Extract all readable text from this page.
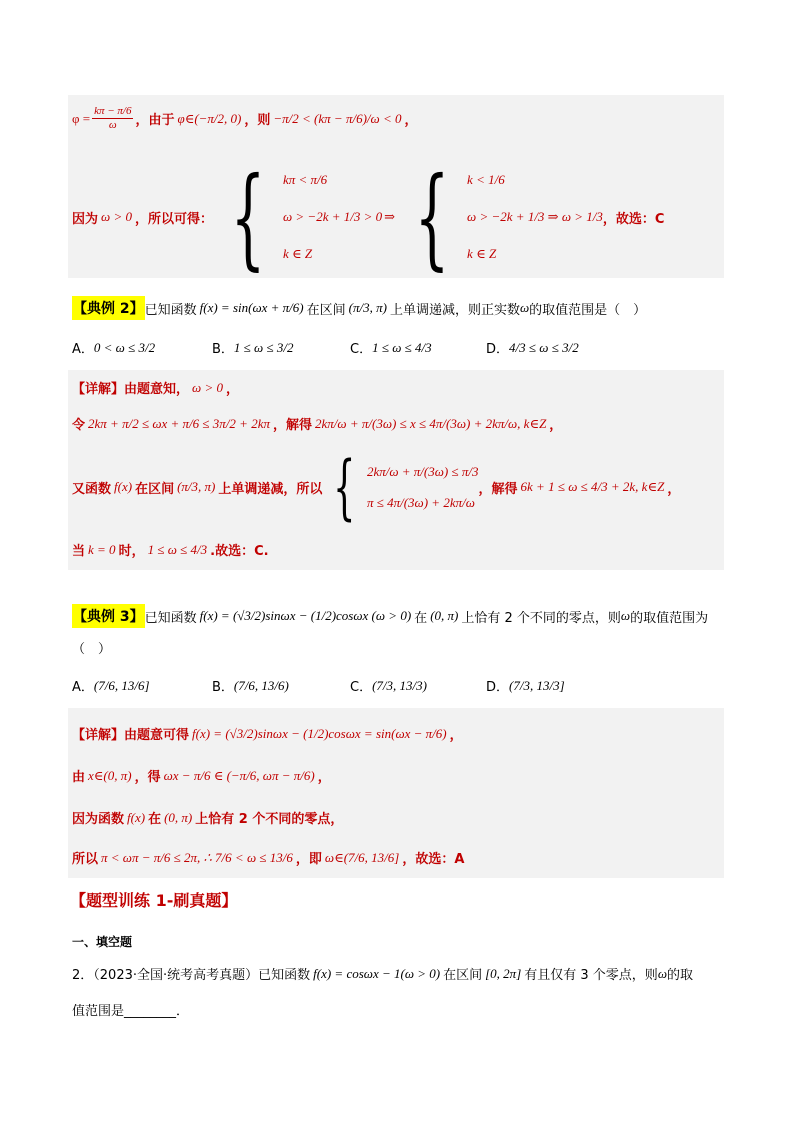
$\varphi = \frac{k\pi - \pi/6}{\omega}$ ，由于 φ∈(−π/2, 0) ，则 −π/2 < (kπ − π/6)/ω < 0 ，
因为 ω > 0 ，所以可得： { kπ < π/6
ω > −2k + 1/3 > 0
k ∈ Z
⇒ { k < 1/6
ω > −2k + 1/3 ⇒ ω > 1/3
k ∈ Z
，故选：C
【典例 2】 已知函数 f(x) = sin(ωx + π/6) 在区间 (π/3, π) 上单调递减，则正实数 ω 的取值范围是（　）
A． 0 < ω ≤ 3/2	B． 1 ≤ ω ≤ 3/2	C． 1 ≤ ω ≤ 4/3	D． 4/3 ≤ ω ≤ 3/2
【详解】由题意知， ω > 0 ，
令 2kπ + π/2 ≤ ωx + π/6 ≤ 3π/2 + 2kπ ，解得 2kπ/ω + π/(3ω) ≤ x ≤ 4π/(3ω) + 2kπ/ω, k∈Z ，
又函数 f(x) 在区间 (π/3, π) 上单调递减，所以 { 2kπ/ω + π/(3ω) ≤ π/3
π ≤ 4π/(3ω) + 2kπ/ω
，解得 6k + 1 ≤ ω ≤ 4/3 + 2k, k∈Z ，
当 k = 0 时， 1 ≤ ω ≤ 4/3 .故选：C.
【典例 3】 已知函数 f(x) = (√3/2)sinωx − (1/2)cosωx (ω > 0) 在 (0, π) 上恰有 2 个不同的零点，则 ω 的取值范围为
（　）
A． (7/6, 13/6]	B． (7/6, 13/6)	C． (7/3, 13/3)	D． (7/3, 13/3]
【详解】由题意可得 f(x) = (√3/2)sinωx − (1/2)cosωx = sin(ωx − π/6) ，
由 x∈(0, π) ，得 ωx − π/6 ∈ (−π/6, ωπ − π/6) ，
因为函数 f(x) 在 (0, π) 上恰有 2 个不同的零点，
所以 π < ωπ − π/6 ≤ 2π, ∴ 7/6 < ω ≤ 13/6 ，即 ω∈(7/6, 13/6] ，故选：A
【题型训练 1-刷真题】
一、填空题
2．（2023·全国·统考高考真题）已知函数 f(x) = cosωx − 1(ω > 0) 在区间 [0, 2π] 有且仅有 3 个零点，则 ω 的取
值范围是________．
